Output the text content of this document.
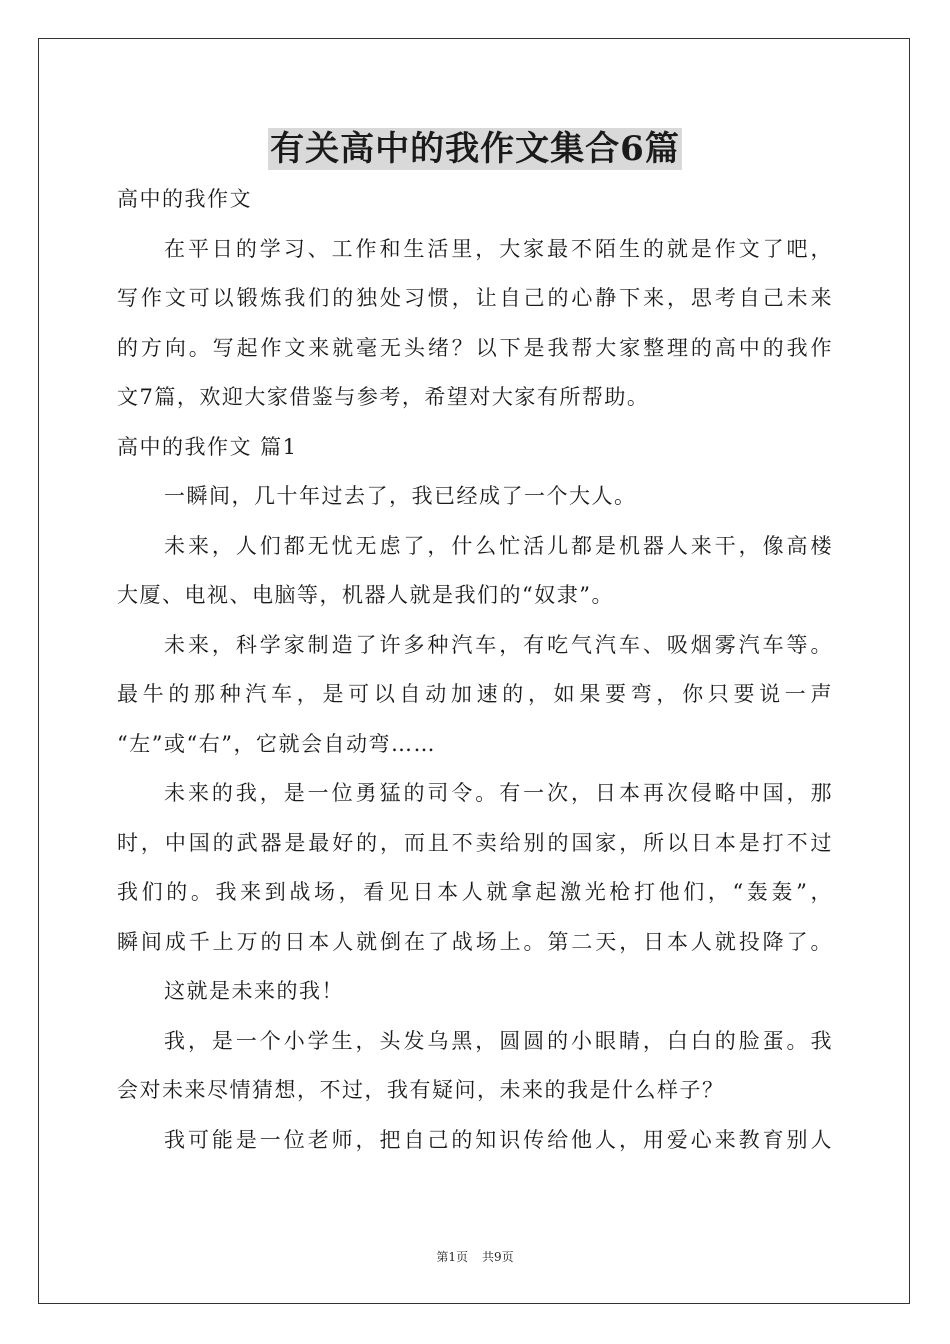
有关高中的我作文集合6篇
高中的我作文
在平日的学习、工作和生活里，大家最不陌生的就是作文了吧，
写作文可以锻炼我们的独处习惯，让自己的心静下来，思考自己未来
的方向。写起作文来就毫无头绪？以下是我帮大家整理的高中的我作
文7篇，欢迎大家借鉴与参考，希望对大家有所帮助。
高中的我作文 篇1
一瞬间，几十年过去了，我已经成了一个大人。
未来，人们都无忧无虑了，什么忙活儿都是机器人来干，像高楼
大厦、电视、电脑等，机器人就是我们的“奴隶”。
未来，科学家制造了许多种汽车，有吃气汽车、吸烟雾汽车等。
最牛的那种汽车，是可以自动加速的，如果要弯，你只要说一声
“左”或“右”，它就会自动弯……
未来的我，是一位勇猛的司令。有一次，日本再次侵略中国，那
时，中国的武器是最好的，而且不卖给别的国家，所以日本是打不过
我们的。我来到战场，看见日本人就拿起激光枪打他们，“轰轰”，
瞬间成千上万的日本人就倒在了战场上。第二天，日本人就投降了。
这就是未来的我！
我，是一个小学生，头发乌黑，圆圆的小眼睛，白白的脸蛋。我
会对未来尽情猜想，不过，我有疑问，未来的我是什么样子？
我可能是一位老师，把自己的知识传给他人，用爱心来教育别人
第1页 共9页
